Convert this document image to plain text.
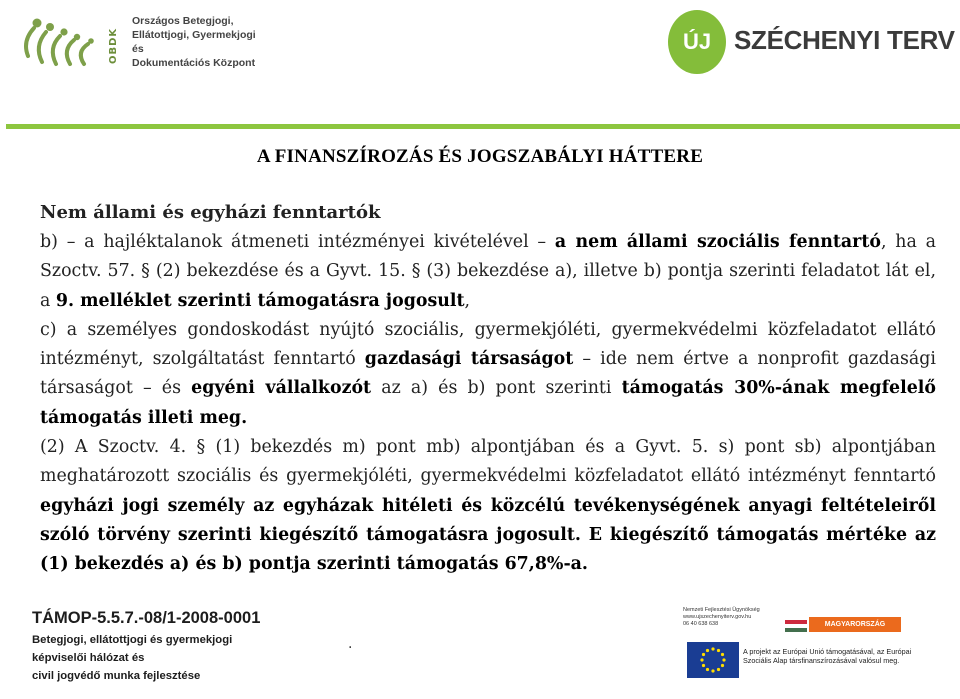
OBDK
Országos Betegjogi,
Ellátottjogi, Gyermekjogi és
Dokumentációs Központ
ÚJ SZÉCHENYI TERV
A FINANSZÍROZÁS ÉS JOGSZABÁLYI HÁTTERE

Nem állami és egyházi fenntartók

b) – a hajléktalanok átmeneti intézményei kivételével – a nem állami szociális fenntartó, ha a Szoctv. 57. § (2) bekezdése és a Gyvt. 15. § (3) bekezdése a), illetve b) pontja szerinti feladatot lát el, a 9. melléklet szerinti támogatásra jogosult,

c) a személyes gondoskodást nyújtó szociális, gyermekjóléti, gyermekvédelmi közfeladatot ellátó intézményt, szolgáltatást fenntartó gazdasági társaságot – ide nem értve a nonprofit gazdasági társaságot – és egyéni vállalkozót az a) és b) pont szerinti támogatás 30%-ának megfelelő támogatás illeti meg.

(2) A Szoctv. 4. § (1) bekezdés m) pont mb) alpontjában és a Gyvt. 5. s) pont sb) alpontjában meghatározott szociális és gyermekjóléti, gyermekvédelmi közfeladatot ellátó intézményt fenntartó egyházi jogi személy az egyházak hitéleti és közcélú tevékenységének anyagi feltételeiről szóló törvény szerinti kiegészítő támogatásra jogosult. E kiegészítő támogatás mértéke az (1) bekezdés a) és b) pontja szerinti támogatás 67,8%-a.

TÁMOP-5.5.7.-08/1-2008-0001
Betegjogi, ellátottjogi és gyermekjogi
képviselői hálózat és
civil jogvédő munka fejlesztése
.
Nemzeti Fejlesztési Ügynökség
www.ujszechenyiterv.gov.hu
06 40 638 638	MAGYARORSZÁG MEGÚJUL
A projekt az Európai Unió támogatásával, az Európai Szociális Alap társfinanszírozásával valósul meg.
